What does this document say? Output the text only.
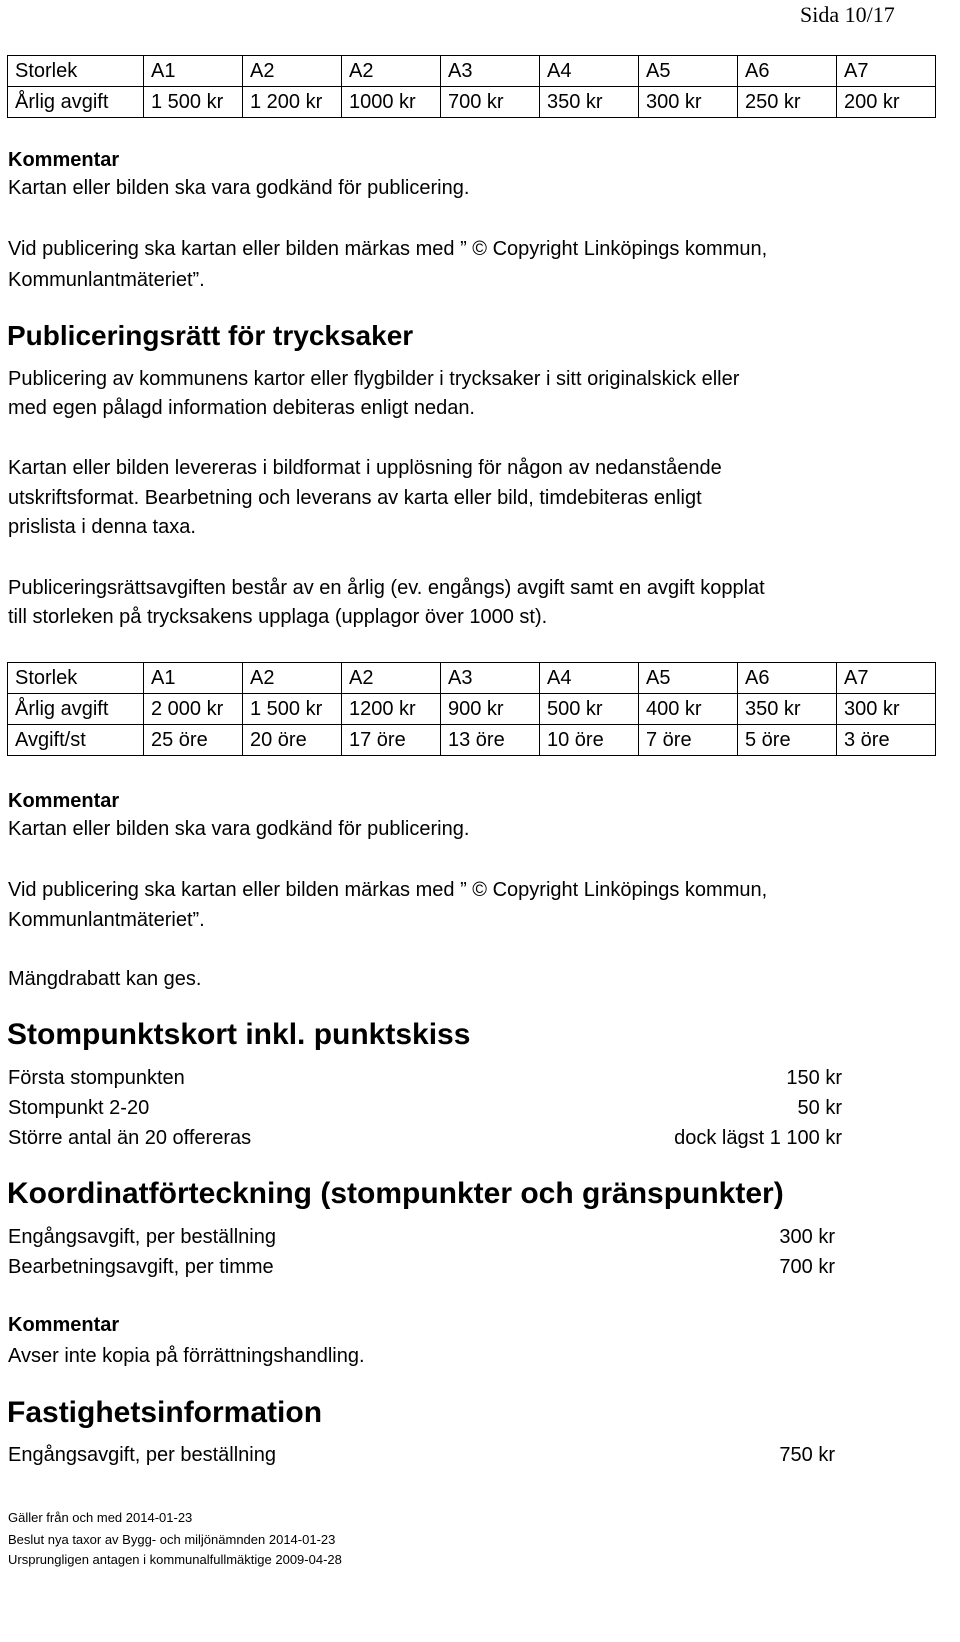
Sida 10/17
Storlek	A1	A2	A2	A3	A4	A5	A6	A7
Årlig avgift	1 500 kr	1 200 kr	1000 kr	700 kr	350 kr	300 kr	250 kr	200 kr
Kommentar
Kartan eller bilden ska vara godkänd för publicering.
Vid publicering ska kartan eller bilden märkas med ” © Copyright Linköpings kommun,
Kommunlantmäteriet”.
Publiceringsrätt för trycksaker
Publicering av kommunens kartor eller flygbilder i trycksaker i sitt originalskick eller
med egen pålagd information debiteras enligt nedan.
Kartan eller bilden levereras i bildformat i upplösning för någon av nedanstående
utskriftsformat. Bearbetning och leverans av karta eller bild, timdebiteras enligt
prislista i denna taxa.
Publiceringsrättsavgiften består av en årlig (ev. engångs) avgift samt en avgift kopplat
till storleken på trycksakens upplaga (upplagor över 1000 st).
Storlek	A1	A2	A2	A3	A4	A5	A6	A7
Årlig avgift	2 000 kr	1 500 kr	1200 kr	900 kr	500 kr	400 kr	350 kr	300 kr
Avgift/st	25 öre	20 öre	17 öre	13 öre	10 öre	7 öre	5 öre	3 öre
Kommentar
Kartan eller bilden ska vara godkänd för publicering.
Vid publicering ska kartan eller bilden märkas med ” © Copyright Linköpings kommun,
Kommunlantmäteriet”.
Mängdrabatt kan ges.
Stompunktskort inkl. punktskiss
Första stompunkten	150 kr
Stompunkt 2-20	50 kr
Större antal än 20 offereras	dock lägst 1 100 kr
Koordinatförteckning (stompunkter och gränspunkter)
Engångsavgift, per beställning	300 kr
Bearbetningsavgift, per timme	700 kr
Kommentar
Avser inte kopia på förrättningshandling.
Fastighetsinformation
Engångsavgift, per beställning	750 kr
Gäller från och med 2014-01-23
Beslut nya taxor av Bygg- och miljönämnden 2014-01-23
Ursprungligen antagen i kommunalfullmäktige 2009-04-28
